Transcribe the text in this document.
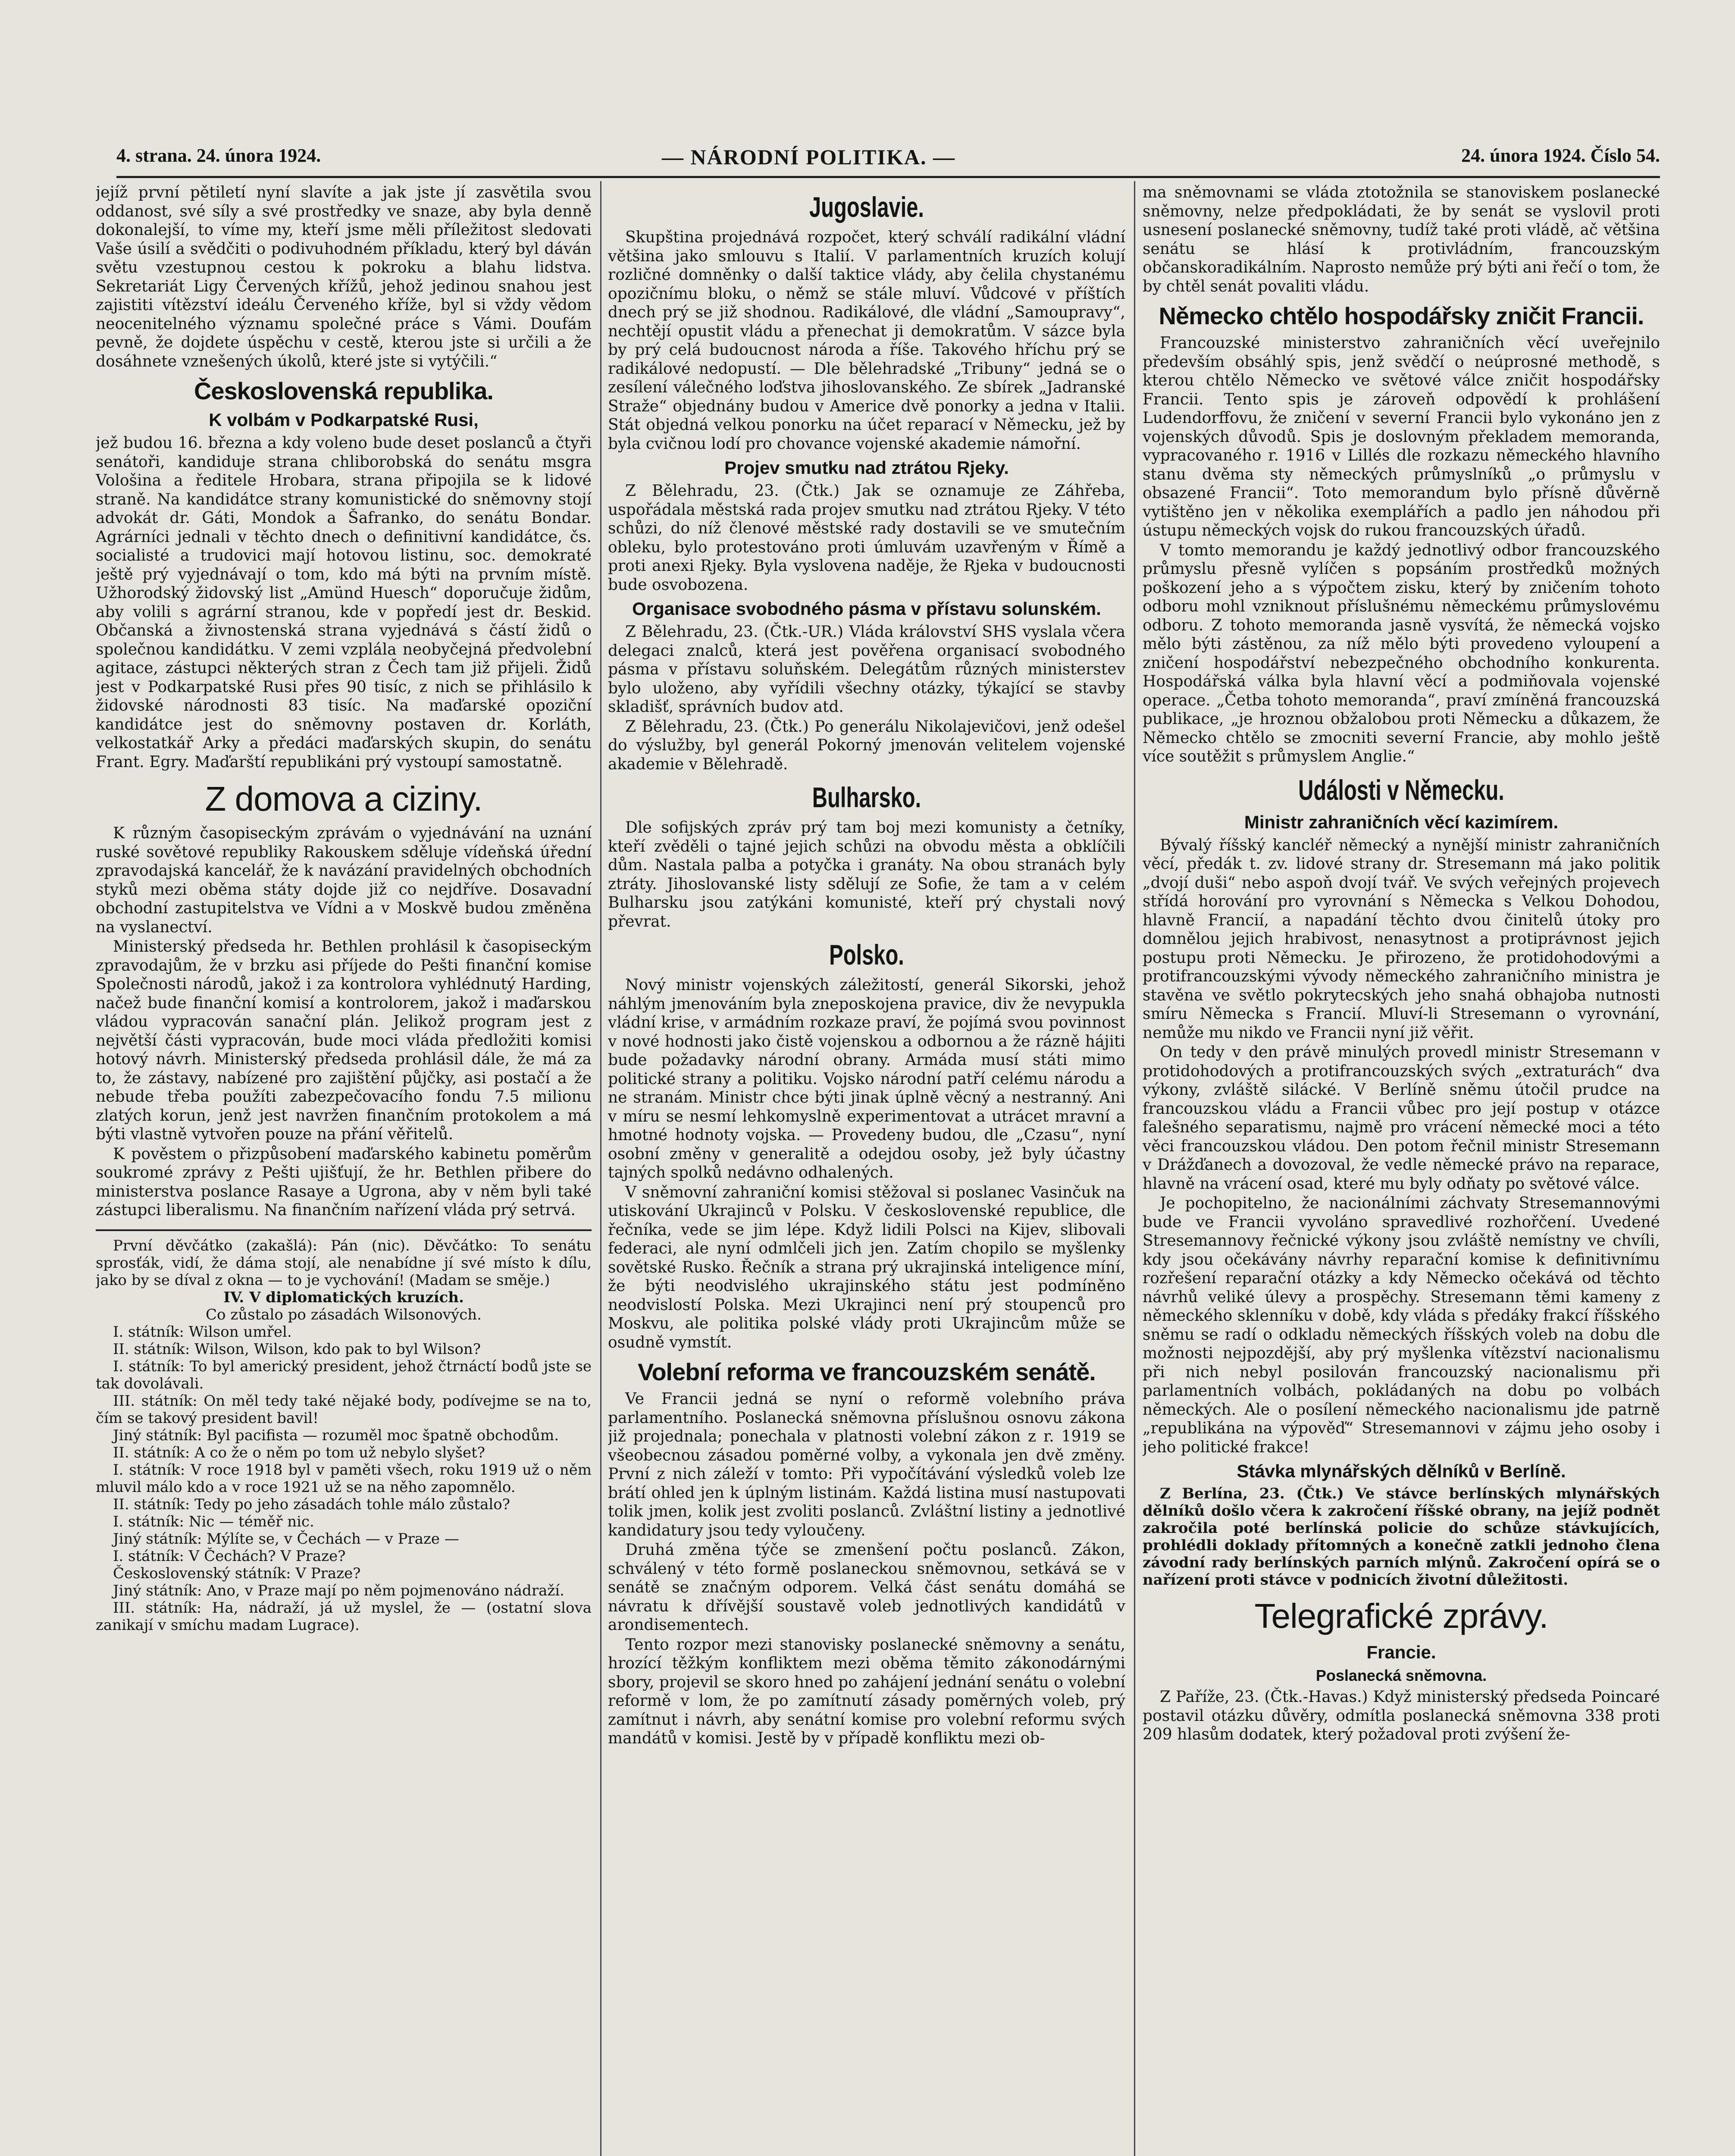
4. strana. 24. února 1924.	— NÁRODNÍ POLITIKA. —	24. února 1924. Číslo 54.

jejíž první pětiletí nyní slavíte a jak jste jí zasvětila svou oddanost, své síly a své prostředky ve snaze, aby byla denně dokonalejší, to víme my, kteří jsme měli příležitost sledovati Vaše úsilí a svědčiti o podivuhodném příkladu, který byl dáván světu vzestupnou cestou k pokroku a blahu lidstva. Sekretariát Ligy Červených křížů, jehož jedinou snahou jest zajistiti vítězství ideálu Červeného kříže, byl si vždy vědom neocenitelného významu společné práce s Vámi. Doufám pevně, že dojdete úspěchu v cestě, kterou jste si určili a že dosáhnete vznešených úkolů, které jste si vytýčili.“

Československá republika.
K volbám v Podkarpatské Rusi,

jež budou 16. března a kdy voleno bude deset poslanců a čtyři senátoři, kandiduje strana chliborobská do senátu msgra Vološina a ředitele Hrobara, strana připojila se k lidové straně. Na kandidátce strany komunistické do sněmovny stojí advokát dr. Gáti, Mondok a Šafranko, do senátu Bondar. Agrárníci jednali v těchto dnech o definitivní kandidátce, čs. socialisté a trudovici mají hotovou listinu, soc. demokraté ještě prý vyjednávají o tom, kdo má býti na prvním místě. Užhorodský židovský list „Amünd Huesch“ doporučuje židům, aby volili s agrární stranou, kde v popředí jest dr. Beskid. Občanská a živnostenská strana vyjednává s částí židů o společnou kandidátku. V zemi vzplála neobyčejná předvolební agitace, zástupci některých stran z Čech tam již přijeli. Židů jest v Podkarpatské Rusi přes 90 tisíc, z nich se přihlásilo k židovské národnosti 83 tisíc. Na maďarské opoziční kandidátce jest do sněmovny postaven dr. Korláth, velkostatkář Arky a předáci maďarských skupin, do senátu Frant. Egry. Maďarští republikáni prý vystoupí samostatně.

Z domova a ciziny.

K různým časopiseckým zprávám o vyjednávání na uznání ruské sovětové republiky Rakouskem sděluje vídeňská úřední zpravodajská kancelář, že k navázání pravidelných obchodních styků mezi oběma státy dojde již co nejdříve. Dosavadní obchodní zastupitelstva ve Vídni a v Moskvě budou změněna na vyslanectví.

Ministerský předseda hr. Bethlen prohlásil k časopiseckým zpravodajům, že v brzku asi příjede do Pešti finanční komise Společnosti národů, jakož i za kontrolora vyhlédnutý Harding, načež bude finanční komisí a kontrolorem, jakož i maďarskou vládou vypracován sanační plán. Jelikož program jest z největší části vypracován, bude moci vláda předložiti komisi hotový návrh. Ministerský předseda prohlásil dále, že má za to, že zástavy, nabízené pro zajištění půjčky, asi postačí a že nebude třeba použíti zabezpečovacího fondu 7.5 milionu zlatých korun, jenž jest navržen finančním protokolem a má býti vlastně vytvořen pouze na přání věřitelů.

K pověstem o přizpůsobení maďarského kabinetu poměrům soukromé zprávy z Pešti ujišťují, že hr. Bethlen přibere do ministerstva poslance Rasaye a Ugrona, aby v něm byli také zástupci liberalismu. Na finančním nařízení vláda prý setrvá.

První děvčátko (zakašlá): Pán (nic). Děvčátko: To senátu sprosťák, vidí, že dáma stojí, ale nenabídne jí své místo k dílu, jako by se díval z okna — to je vychování! (Madam se směje.)

IV. V diplomatických kruzích.

Co zůstalo po zásadách Wilsonových.

I. státník: Wilson umřel.

II. státník: Wilson, Wilson, kdo pak to byl Wilson?

I. státník: To byl americký president, jehož čtrnáctí bodů jste se tak dovolávali.

III. státník: On měl tedy také nějaké body, podívejme se na to, čím se takový president bavil!

Jiný státník: Byl pacifista — rozuměl moc špatně obchodům.

II. státník: A co že o něm po tom už nebylo slyšet?

I. státník: V roce 1918 byl v paměti všech, roku 1919 už o něm mluvil málo kdo a v roce 1921 už se na něho zapomnělo.

II. státník: Tedy po jeho zásadách tohle málo zůstalo?

I. státník: Nic — téměř nic.

Jiný státník: Mýlíte se, v Čechách — v Praze —

I. státník: V Čechách? V Praze?

Československý státník: V Praze?

Jiný státník: Ano, v Praze mají po něm pojmenováno nádraží.

III. státník: Ha, nádraží, já už myslel, že — (ostatní slova zanikají v smíchu madam Lugrace).

Jugoslavie.

Skupština projednává rozpočet, který schválí radikální vládní většina jako smlouvu s Italií. V parlamentních kruzích kolují rozličné domněnky o další taktice vlády, aby čelila chystanému opozičnímu bloku, o němž se stále mluví. Vůdcové v příštích dnech prý se již shodnou. Radikálové, dle vládní „Samoupravy“, nechtějí opustit vládu a přenechat ji demokratům. V sázce byla by prý celá budoucnost národa a říše. Takového hříchu prý se radikálové nedopustí. — Dle bělehradské „Tribuny“ jedná se o zesílení válečného loďstva jihoslovanského. Ze sbírek „Jadranské Straže“ objednány budou v Americe dvě ponorky a jedna v Italii. Stát objedná velkou ponorku na účet reparací v Německu, jež by byla cvičnou lodí pro chovance vojenské akademie námořní.

Projev smutku nad ztrátou Rjeky.

Z Bělehradu, 23. (Čtk.) Jak se oznamuje ze Záhřeba, uspořádala městská rada projev smutku nad ztrátou Rjeky. V této schůzi, do níž členové městské rady dostavili se ve smutečním obleku, bylo protestováno proti úmluvám uzavřeným v Římě a proti anexi Rjeky. Byla vyslovena naděje, že Rjeka v budoucnosti bude osvobozena.

Organisace svobodného pásma v přístavu solunském.

Z Bělehradu, 23. (Čtk.-UR.) Vláda království SHS vyslala včera delegaci znalců, která jest pověřena organisací svobodného pásma v přístavu soluňském. Delegátům různých ministerstev bylo uloženo, aby vyřídili všechny otázky, týkající se stavby skladišť, správních budov atd.

Z Bělehradu, 23. (Čtk.) Po generálu Nikolajevičovi, jenž odešel do výslužby, byl generál Pokorný jmenován velitelem vojenské akademie v Bělehradě.

Bulharsko.

Dle sofijských zpráv prý tam boj mezi komunisty a četníky, kteří zvěděli o tajné jejich schůzi na obvodu města a obklíčili dům. Nastala palba a potyčka i granáty. Na obou stranách byly ztráty. Jihoslovanské listy sdělují ze Sofie, že tam a v celém Bulharsku jsou zatýkáni komunisté, kteří prý chystali nový převrat.

Polsko.

Nový ministr vojenských záležitostí, generál Sikorski, jehož náhlým jmenováním byla zneposkojena pravice, div že nevypukla vládní krise, v armádním rozkaze praví, že pojímá svou povinnost v nové hodnosti jako čistě vojenskou a odbornou a že rázně hájiti bude požadavky národní obrany. Armáda musí státi mimo politické strany a politiku. Vojsko národní patří celému národu a ne stranám. Ministr chce býti jinak úplně věcný a nestranný. Ani v míru se nesmí lehkomyslně experimentovat a utrácet mravní a hmotné hodnoty vojska. — Provedeny budou, dle „Czasu“, nyní osobní změny v generalitě a odejdou osoby, jež byly účastny tajných spolků nedávno odhalených.

V sněmovní zahraniční komisi stěžoval si poslanec Vasinčuk na utiskování Ukrajinců v Polsku. V československé republice, dle řečníka, vede se jim lépe. Když lidili Polsci na Kijev, slibovali federaci, ale nyní odmlčeli jich jen. Zatím chopilo se myšlenky sovětské Rusko. Řečník a strana prý ukrajinská inteligence míní, že býti neodvislého ukrajinského státu jest podmíněno neodvislostí Polska. Mezi Ukrajinci není prý stoupenců pro Moskvu, ale politika polské vlády proti Ukrajincům může se osudně vymstít.

Volební reforma ve francouzském senátě.

Ve Francii jedná se nyní o reformě volebního práva parlamentního. Poslanecká sněmovna příslušnou osnovu zákona již projednala; ponechala v platnosti volební zákon z r. 1919 se všeobecnou zásadou poměrné volby, a vykonala jen dvě změny. První z nich záleží v tomto: Při vypočítávání výsledků voleb lze brátí ohled jen k úplným listinám. Každá listina musí nastupovati tolik jmen, kolik jest zvoliti poslanců. Zvláštní listiny a jednotlivé kandidatury jsou tedy vyloučeny.

Druhá změna týče se zmenšení počtu poslanců. Zákon, schválený v této formě poslaneckou sněmovnou, setkává se v senátě se značným odporem. Velká část senátu domáhá se návratu k dřívější soustavě voleb jednotlivých kandidátů v arondisementech.

Tento rozpor mezi stanovisky poslanecké sněmovny a senátu, hrozící těžkým konfliktem mezi oběma těmito zákonodárnými sbory, projevil se skoro hned po zahájení jednání senátu o volební reformě v lom, že po zamítnutí zásady poměrných voleb, prý zamítnut i návrh, aby senátní komise pro volební reformu svých mandátů v komisi. Jestě by v případě konfliktu mezi ob-

ma sněmovnami se vláda ztotožnila se stanoviskem poslanecké sněmovny, nelze předpokládati, že by senát se vyslovil proti usnesení poslanecké sněmovny, tudíž také proti vládě, ač většina senátu se hlásí k protivládním, francouzským občanskoradikálním. Naprosto nemůže prý býti ani řečí o tom, že by chtěl senát povaliti vládu.

Německo chtělo hospodářsky zničit Francii.

Francouzské ministerstvo zahraničních věcí uveřejnilo především obsáhlý spis, jenž svědčí o neúprosné methodě, s kterou chtělo Německo ve světové válce zničit hospodářsky Francii. Tento spis je zároveň odpovědí k prohlášení Ludendorffovu, že zničení v severní Francii bylo vykonáno jen z vojenských důvodů. Spis je doslovným překladem memoranda, vypracovaného r. 1916 v Lillés dle rozkazu německého hlavního stanu dvěma sty německých průmyslníků „o průmyslu v obsazené Francii“. Toto memorandum bylo přísně důvěrně vytištěno jen v několika exemplářích a padlo jen náhodou při ústupu německých vojsk do rukou francouzských úřadů.

V tomto memorandu je každý jednotlivý odbor francouzského průmyslu přesně vylíčen s popsáním prostředků možných poškození jeho a s výpočtem zisku, který by zničením tohoto odboru mohl vzniknout příslušnému německému průmyslovému odboru. Z tohoto memoranda jasně vysvítá, že německá vojsko mělo býti zástěnou, za níž mělo býti provedeno vyloupení a zničení hospodářství nebezpečného obchodního konkurenta. Hospodářská válka byla hlavní věcí a podmiňovala vojenské operace. „Četba tohoto memoranda“, praví zmíněná francouzská publikace, „je hroznou obžalobou proti Německu a důkazem, že Německo chtělo se zmocniti severní Francie, aby mohlo ještě více soutěžit s průmyslem Anglie.“

Události v Německu.
Ministr zahraničních věcí kazimírem.

Bývalý říšský kancléř německý a nynější ministr zahraničních věcí, předák t. zv. lidové strany dr. Stresemann má jako politik „dvojí duši“ nebo aspoň dvojí tvář. Ve svých veřejných projevech střídá horování pro vyrovnání s Německa s Velkou Dohodou, hlavně Francií, a napadání těchto dvou činitelů útoky pro domnělou jejich hrabivost, nenasytnost a protiprávnost jejich postupu proti Německu. Je přirozeno, že protidohodovými a protifrancouzskými vývody německého zahraničního ministra je stavěna ve světlo pokrytecských jeho snahá obhajoba nutnosti smíru Německa s Francií. Mluví-li Stresemann o vyrovnání, nemůže mu nikdo ve Francii nyní již věřit.

On tedy v den právě minulých provedl ministr Stresemann v protidohodových a protifrancouzských svých „extraturách“ dva výkony, zvláště silácké. V Berlíně sněmu útočil prudce na francouzskou vládu a Francii vůbec pro její postup v otázce falešného separatismu, najmě pro vrácení německé moci a této věci francouzskou vládou. Den potom řečnil ministr Stresemann v Drážďanech a dovozoval, že vedle německé právo na reparace, hlavně na vrácení osad, které mu byly odňaty po světové válce.

Je pochopitelno, že nacionálními záchvaty Stresemannovými bude ve Francii vyvoláno spravedlivé rozhořčení. Uvedené Stresemannovy řečnické výkony jsou zvláště nemístny ve chvíli, kdy jsou očekávány návrhy reparační komise k definitivnímu rozřešení reparační otázky a kdy Německo očekává od těchto návrhů veliké úlevy a prospěchy. Stresemann těmi kameny z německého sklenníku v době, kdy vláda s předáky frakcí říšského sněmu se radí o odkladu německých říšských voleb na dobu dle možnosti nejpozdější, aby prý myšlenka vítězství nacionalismu při nich nebyl posilován francouzský nacionalismu při parlamentních volbách, pokládaných na dobu po volbách německých. Ale o posílení německého nacionalismu jde patrně „republikána na výpověď“ Stresemannovi v zájmu jeho osoby i jeho politické frakce!

Stávka mlynářských dělníků v Berlíně.

Z Berlína, 23. (Čtk.) Ve stávce berlínských mlynářských dělníků došlo včera k zakročení říšské obrany, na jejíž podnět zakročila poté berlínská policie do schůze stávkujících, prohlédli doklady přítomných a konečně zatkli jednoho člena závodní rady berlínských parních mlýnů. Zakročení opírá se o nařízení proti stávce v podnicích životní důležitosti.

Telegrafické zprávy.
Francie.
Poslanecká sněmovna.

Z Paříže, 23. (Čtk.-Havas.) Když ministerský předseda Poincaré postavil otázku důvěry, odmítla poslanecká sněmovna 338 proti 209 hlasům dodatek, který požadoval proti zvýšení že-
